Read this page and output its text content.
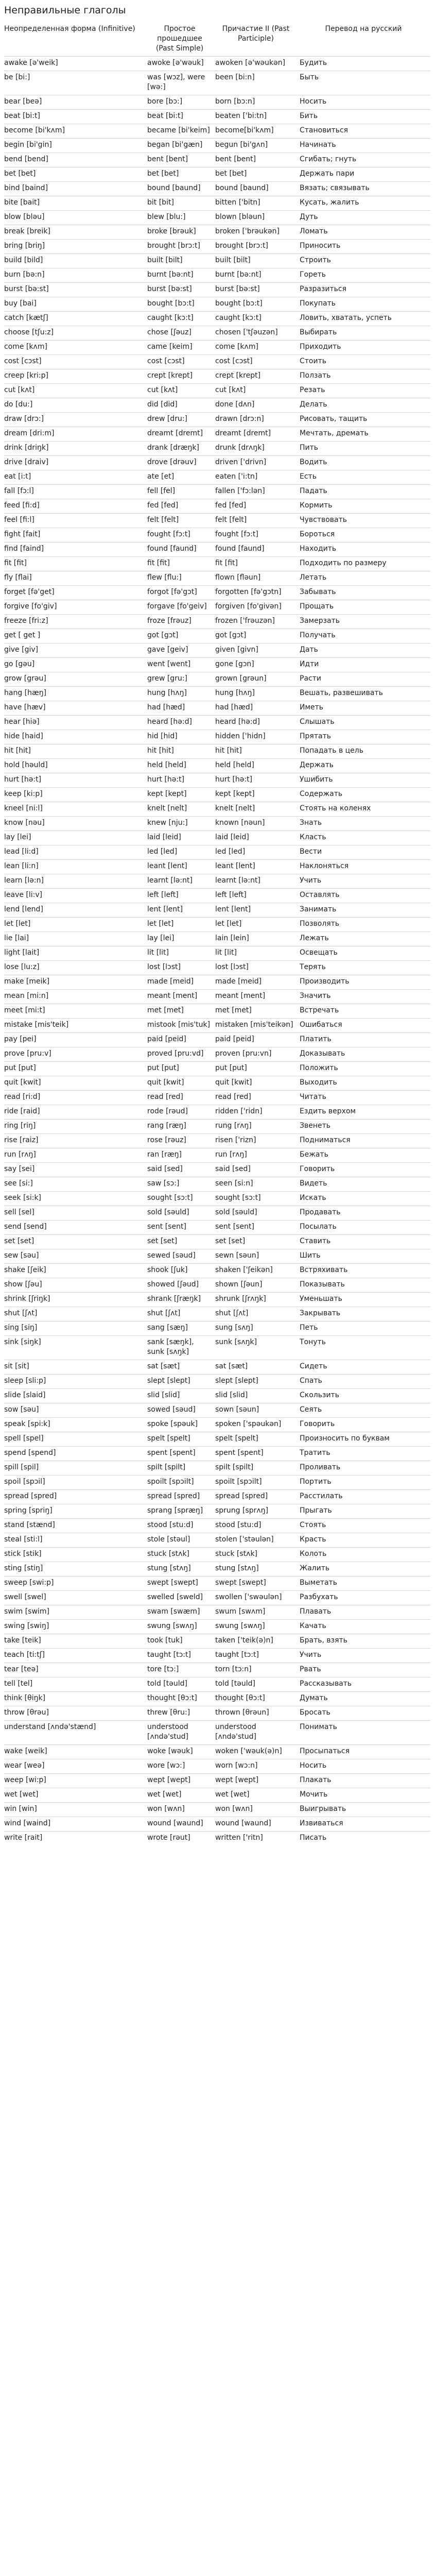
Неправильные глаголы
Неопределенная форма (Infinitive)	Простое прошедшее (Past Simple)	Причастие II (Past Participle)	Перевод на русский
awake [ə'weik]	awoke [ə'wəuk]	awoken [ə'wəukən]	Будить
be [bi:]	was [wɔz], were [wə:]	been [bi:n]	Быть
bear [beə]	bore [bɔ:]	born [bɔ:n]	Носить
beat [bi:t]	beat [bi:t]	beaten ['bi:tn]	Бить
become [bi'kʌm]	became [bi'keim]	become[bi'kʌm]	Становиться
begin [bi'gin]	began [bi'gæn]	begun [bi'gʌn]	Начинать
bend [bend]	bent [bent]	bent [bent]	Сгибать; гнуть
bet [bet]	bet [bet]	bet [bet]	Держать пари
bind [baind]	bound [baund]	bound [baund]	Вязать; связывать
bite [bait]	bit [bit]	bitten ['bitn]	Кусать, жалить
blow [bləu]	blew [blu:]	blown [bləun]	Дуть
break [breik]	broke [brəuk]	broken ['brəukən]	Ломать
bring [briŋ]	brought [brɔ:t]	brought [brɔ:t]	Приносить
build [bild]	built [bilt]	built [bilt]	Строить
burn [bə:n]	burnt [bə:nt]	burnt [bə:nt]	Гореть
burst [bə:st]	burst [bə:st]	burst [bə:st]	Разразиться
buy [bai]	bought [bɔ:t]	bought [bɔ:t]	Покупать
catch [kætʃ]	caught [kɔ:t]	caught [kɔ:t]	Ловить, хватать, успеть
choose [tʃu:z]	chose [ʃəuz]	chosen ['tʃəuzən]	Выбирать
come [kʌm]	came [keim]	come [kʌm]	Приходить
cost [cɔst]	cost [cɔst]	cost [cɔst]	Стоить
creep [kri:p]	crept [krept]	crept [krept]	Ползать
cut [kʌt]	cut [kʌt]	cut [kʌt]	Резать
do [du:]	did [did]	done [dʌn]	Делать
draw [drɔ:]	drew [dru:]	drawn [drɔ:n]	Рисовать, тащить
dream [dri:m]	dreamt [dremt]	dreamt [dremt]	Мечтать, дремать
drink [driŋk]	drank [dræŋk]	drunk [drʌŋk]	Пить
drive [draiv]	drove [drəuv]	driven ['drivn]	Водить
eat [i:t]	ate [et]	eaten ['i:tn]	Есть
fall [fɔ:l]	fell [fel]	fallen ['fɔ:lən]	Падать
feed [fi:d]	fed [fed]	fed [fed]	Кормить
feel [fi:l]	felt [felt]	felt [felt]	Чувствовать
fight [fait]	fought [fɔ:t]	fought [fɔ:t]	Бороться
find [faind]	found [faund]	found [faund]	Находить
fit [fit]	fit [fit]	fit [fit]	Подходить по размеру
fly [flai]	flew [flu:]	flown [fləun]	Летать
forget [fə'get]	forgot [fə'gɔt]	forgotten [fə'gɔtn]	Забывать
forgive [fo'giv]	forgave [fo'geiv]	forgiven [fo'givən]	Прощать
freeze [fri:z]	froze [frəuz]	frozen ['frəuzən]	Замерзать
get [ get ]	got [gɔt]	got [gɔt]	Получать
give [giv]	gave [geiv]	given [givn]	Дать
go [gəu]	went [went]	gone [gɔn]	Идти
grow [grəu]	grew [gru:]	grown [grəun]	Расти
hang [hæŋ]	hung [hʌŋ]	hung [hʌŋ]	Вешать, развешивать
have [hæv]	had [hæd]	had [hæd]	Иметь
hear [hiə]	heard [hə:d]	heard [hə:d]	Слышать
hide [haid]	hid [hid]	hidden ['hidn]	Прятать
hit [hit]	hit [hit]	hit [hit]	Попадать в цель
hold [həuld]	held [held]	held [held]	Держать
hurt [hə:t]	hurt [hə:t]	hurt [hə:t]	Ушибить
keep [ki:p]	kept [kept]	kept [kept]	Содержать
kneel [ni:l]	knelt [nelt]	knelt [nelt]	Стоять на коленях
know [nəu]	knew [nju:]	known [nəun]	Знать
lay [lei]	laid [leid]	laid [leid]	Класть
lead [li:d]	led [led]	led [led]	Вести
lean [li:n]	leant [lent]	leant [lent]	Наклоняться
learn [lə:n]	learnt [lə:nt]	learnt [lə:nt]	Учить
leave [li:v]	left [left]	left [left]	Оставлять
lend [lend]	lent [lent]	lent [lent]	Занимать
let [let]	let [let]	let [let]	Позволять
lie [lai]	lay [lei]	lain [lein]	Лежать
light [lait]	lit [lit]	lit [lit]	Освещать
lose [lu:z]	lost [lɔst]	lost [lɔst]	Терять
make [meik]	made [meid]	made [meid]	Производить
mean [mi:n]	meant [ment]	meant [ment]	Значить
meet [mi:t]	met [met]	met [met]	Встречать
mistake [mis'teik]	mistook [mis'tuk]	mistaken [mis'teikən]	Ошибаться
pay [pei]	paid [peid]	paid [peid]	Платить
prove [pru:v]	proved [pru:vd]	proven [pru:vn]	Доказывать
put [put]	put [put]	put [put]	Положить
quit [kwit]	quit [kwit]	quit [kwit]	Выходить
read [ri:d]	read [red]	read [red]	Читать
ride [raid]	rode [rəud]	ridden ['ridn]	Ездить верхом
ring [riŋ]	rang [ræŋ]	rung [rʌŋ]	Звенеть
rise [raiz]	rose [rəuz]	risen ['rizn]	Подниматься
run [rʌŋ]	ran [ræŋ]	run [rʌŋ]	Бежать
say [sei]	said [sed]	said [sed]	Говорить
see [si:]	saw [sɔ:]	seen [si:n]	Видеть
seek [si:k]	sought [sɔ:t]	sought [sɔ:t]	Искать
sell [sel]	sold [səuld]	sold [səuld]	Продавать
send [send]	sent [sent]	sent [sent]	Посылать
set [set]	set [set]	set [set]	Ставить
sew [səu]	sewed [səud]	sewn [səun]	Шить
shake [ʃeik]	shook [ʃuk]	shaken ['ʃeikən]	Встряхивать
show [ʃəu]	showed [ʃəud]	shown [ʃəun]	Показывать
shrink [ʃriŋk]	shrank [ʃræŋk]	shrunk [ʃrʌŋk]	Уменьшать
shut [ʃʌt]	shut [ʃʌt]	shut [ʃʌt]	Закрывать
sing [siŋ]	sang [sæŋ]	sung [sʌŋ]	Петь
sink [siŋk]	sank [sæŋk], sunk [sʌŋk]	sunk [sʌŋk]	Тонуть
sit [sit]	sat [sæt]	sat [sæt]	Сидеть
sleep [sli:p]	slept [slept]	slept [slept]	Спать
slide [slaid]	slid [slid]	slid [slid]	Скользить
sow [səu]	sowed [səud]	sown [səun]	Сеять
speak [spi:k]	spoke [spəuk]	spoken ['spəukən]	Говорить
spell [spel]	spelt [spelt]	spelt [spelt]	Произносить по буквам
spend [spend]	spent [spent]	spent [spent]	Тратить
spill [spil]	spilt [spilt]	spilt [spilt]	Проливать
spoil [spɔil]	spoilt [spɔilt]	spoilt [spɔilt]	Портить
spread [spred]	spread [spred]	spread [spred]	Расстилать
spring [spriŋ]	sprang [spræŋ]	sprung [sprʌŋ]	Прыгать
stand [stænd]	stood [stu:d]	stood [stu:d]	Стоять
steal [sti:l]	stole [stəul]	stolen ['stəulən]	Красть
stick [stik]	stuck [stʌk]	stuck [stʌk]	Колоть
sting [stiŋ]	stung [stʌŋ]	stung [stʌŋ]	Жалить
sweep [swi:p]	swept [swept]	swept [swept]	Выметать
swell [swel]	swelled [sweld]	swollen ['swəulən]	Разбухать
swim [swim]	swam [swæm]	swum [swʌm]	Плавать
swing [swiŋ]	swung [swʌŋ]	swung [swʌŋ]	Качать
take [teik]	took [tuk]	taken ['teik(ə)n]	Брать, взять
teach [ti:tʃ]	taught [tɔ:t]	taught [tɔ:t]	Учить
tear [teə]	tore [tɔ:]	torn [tɔ:n]	Рвать
tell [tel]	told [təuld]	told [təuld]	Рассказывать
think [θiŋk]	thought [θɔ:t]	thought [θɔ:t]	Думать
throw [θrəu]	threw [θru:]	thrown [θrəun]	Бросать
understand [ʌndə'stænd]	understood [ʌndə'stud]	understood [ʌndə'stud]	Понимать
wake [weik]	woke [wəuk]	woken ['wəuk(ə)n]	Просыпаться
wear [weə]	wore [wɔ:]	worn [wɔ:n]	Носить
weep [wi:p]	wept [wept]	wept [wept]	Плакать
wet [wet]	wet [wet]	wet [wet]	Мочить
win [win]	won [wʌn]	won [wʌn]	Выигрывать
wind [waind]	wound [waund]	wound [waund]	Извиваться
write [rait]	wrote [rəut]	written ['ritn]	Писать
